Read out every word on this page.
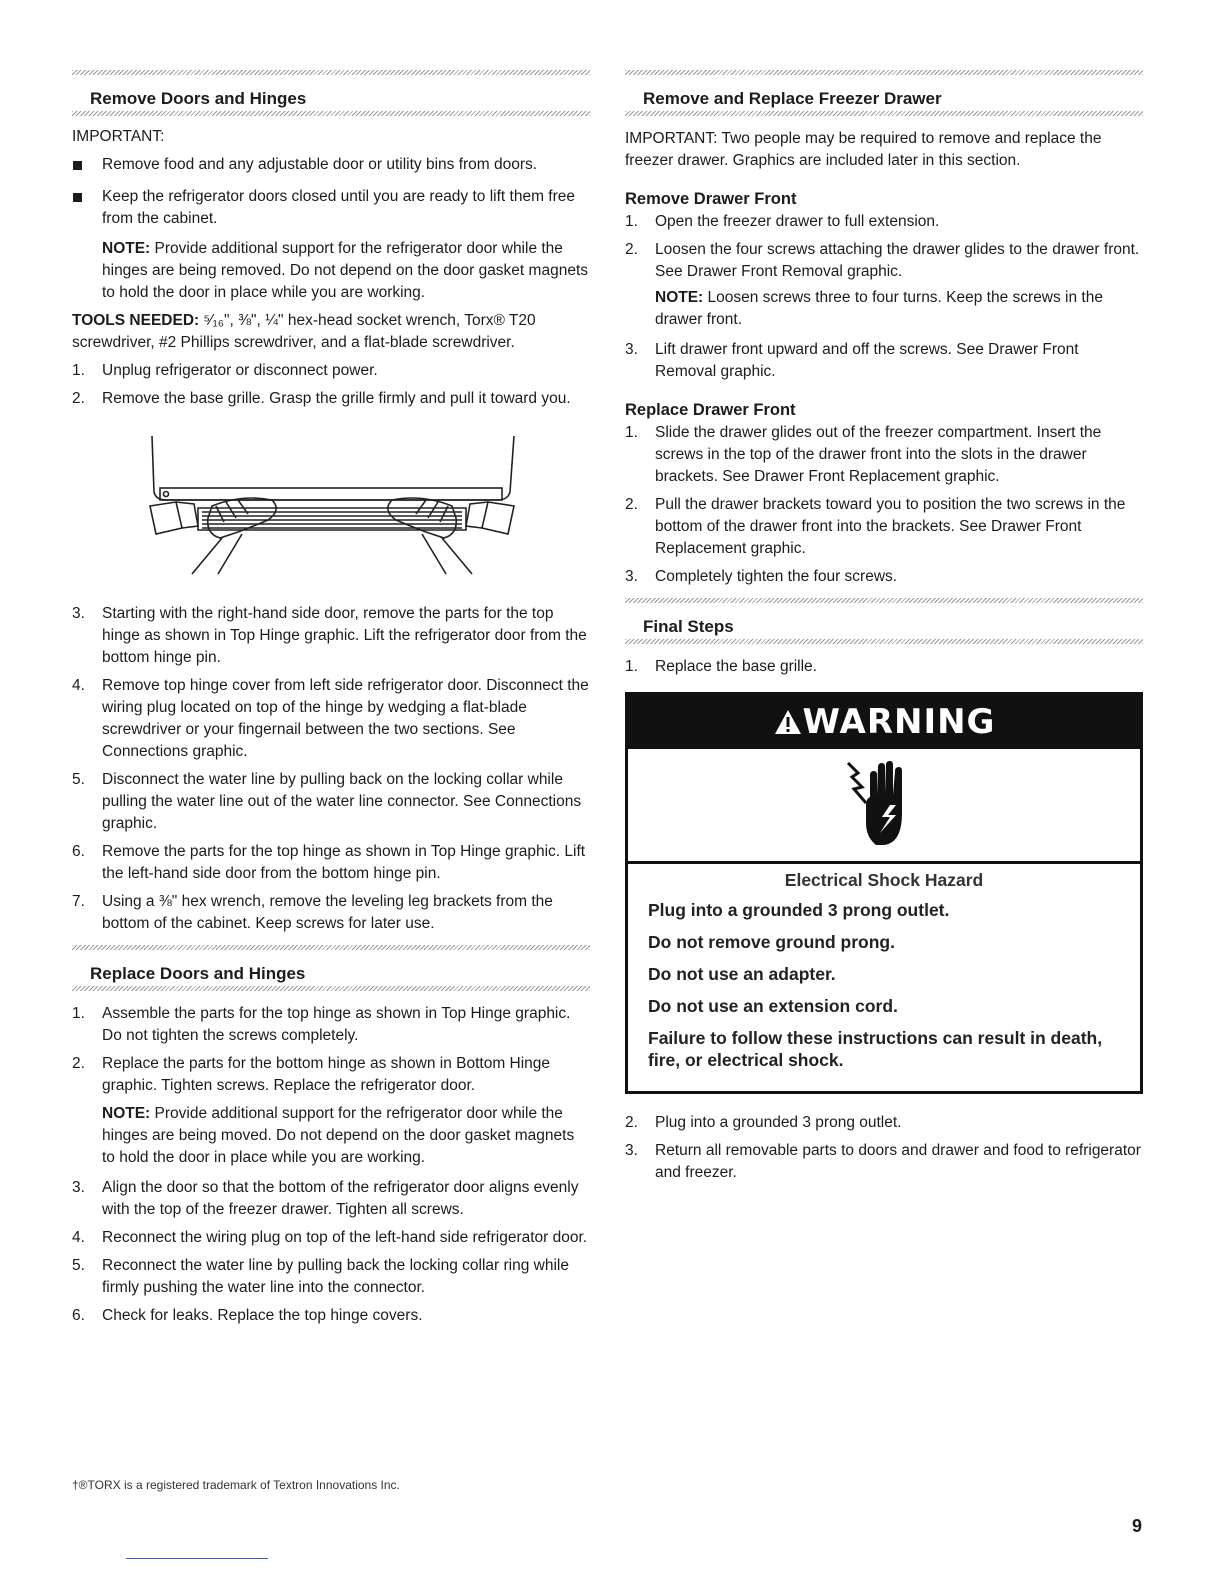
Remove Doors and Hinges

IMPORTANT:

Remove food and any adjustable door or utility bins from doors.
Keep the refrigerator doors closed until you are ready to lift them free from the cabinet.

NOTE: Provide additional support for the refrigerator door while the hinges are being removed. Do not depend on the door gasket magnets to hold the door in place while you are working.

TOOLS NEEDED: ⁵⁄₁₆", ⅜", ¼" hex-head socket wrench, Torx® T20 screwdriver, #2 Phillips screwdriver, and a flat-blade screwdriver.

1. Unplug refrigerator or disconnect power.
2. Remove the base grille. Grasp the grille firmly and pull it toward you.
3. Starting with the right-hand side door, remove the parts for the top hinge as shown in Top Hinge graphic. Lift the refrigerator door from the bottom hinge pin.
4. Remove top hinge cover from left side refrigerator door. Disconnect the wiring plug located on top of the hinge by wedging a flat-blade screwdriver or your fingernail between the two sections. See Connections graphic.
5. Disconnect the water line by pulling back on the locking collar while pulling the water line out of the water line connector. See Connections graphic.
6. Remove the parts for the top hinge as shown in Top Hinge graphic. Lift the left-hand side door from the bottom hinge pin.
7. Using a ⅜" hex wrench, remove the leveling leg brackets from the bottom of the cabinet. Keep screws for later use.
Replace Doors and Hinges
1. Assemble the parts for the top hinge as shown in Top Hinge graphic. Do not tighten the screws completely.
2. Replace the parts for the bottom hinge as shown in Bottom Hinge graphic. Tighten screws. Replace the refrigerator door.

NOTE: Provide additional support for the refrigerator door while the hinges are being moved. Do not depend on the door gasket magnets to hold the door in place while you are working.

3. Align the door so that the bottom of the refrigerator door aligns evenly with the top of the freezer drawer. Tighten all screws.
4. Reconnect the wiring plug on top of the left-hand side refrigerator door.
5. Reconnect the water line by pulling back the locking collar ring while firmly pushing the water line into the connector.
6. Check for leaks. Replace the top hinge covers.
Remove and Replace Freezer Drawer

IMPORTANT: Two people may be required to remove and replace the freezer drawer. Graphics are included later in this section.

Remove Drawer Front
1. Open the freezer drawer to full extension.
2. Loosen the four screws attaching the drawer glides to the drawer front. See Drawer Front Removal graphic.

NOTE: Loosen screws three to four turns. Keep the screws in the drawer front.

3. Lift drawer front upward and off the screws. See Drawer Front Removal graphic.
Replace Drawer Front
1. Slide the drawer glides out of the freezer compartment. Insert the screws in the top of the drawer front into the slots in the drawer brackets. See Drawer Front Replacement graphic.
2. Pull the drawer brackets toward you to position the two screws in the bottom of the drawer front into the brackets. See Drawer Front Replacement graphic.
3. Completely tighten the four screws.
Final Steps
1. Replace the base grille.
WARNING
Electrical Shock Hazard

Plug into a grounded 3 prong outlet.

Do not remove ground prong.

Do not use an adapter.

Do not use an extension cord.

Failure to follow these instructions can result in death, fire, or electrical shock.

2. Plug into a grounded 3 prong outlet.
3. Return all removable parts to doors and drawer and food to refrigerator and freezer.
†®TORX is a registered trademark of Textron Innovations Inc.
9
